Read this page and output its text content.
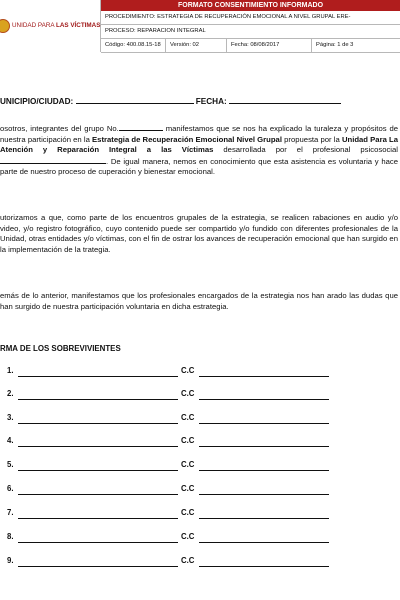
UNIDAD PARA LAS VÍCTIMAS
FORMATO CONSENTIMIENTO INFORMADO
PROCEDIMIENTO: ESTRATEGIA DE RECUPERACIÓN EMOCIONAL A NIVEL GRUPAL ERE-
PROCESO: REPARACION INTEGRAL
Código: 400.08.15-18	Versión: 02	Fecha: 08/08/2017	Página: 1 de 3
UNICIPIO/CIUDAD:	FECHA:
osotros, integrantes del grupo No.	manifestamos que se nos ha explicado la turaleza y propósitos de nuestra participación en la Estrategia de Recuperación Emocional Nivel Grupal propuesta por la Unidad Para La Atención y Reparación Integral a las Víctimas desarrollada por el profesional psicosocial . De igual manera, nemos en conocimiento que esta asistencia es voluntaria y hace parte de nuestro proceso de cuperación y bienestar emocional.
utorizamos a que, como parte de los encuentros grupales de la estrategia, se realicen rabaciones en audio y/o video, y/o registro fotográfico, cuyo contenido puede ser compartido y/o fundido con diferentes profesionales de la Unidad, otras entidades y/o víctimas, con el fin de ostrar los avances de recuperación emocional que han surgido en la implementación de la trategia.
emás de lo anterior, manifestamos que los profesionales encargados de la estrategia nos han arado las dudas que han surgido de nuestra participación voluntaria en dicha estrategia.
RMA DE LOS SOBREVIVIENTES
1.	C.C
2.	C.C
3.	C.C
4.	C.C
5.	C.C
6.	C.C
7.	C.C
8.	C.C
9.	C.C
